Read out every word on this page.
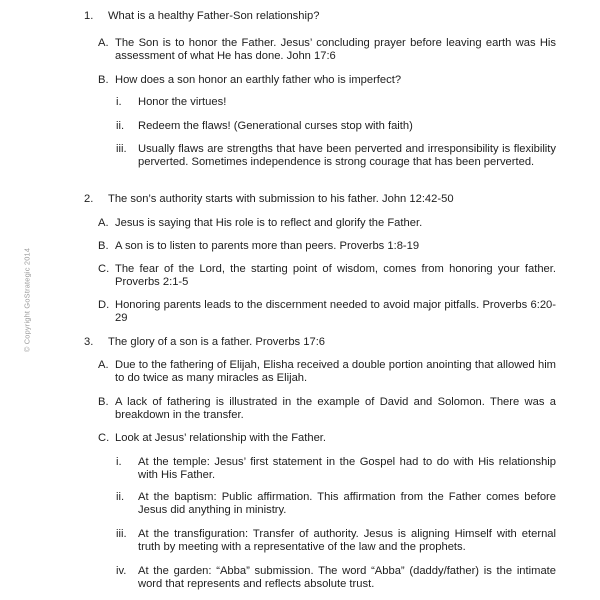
© Copyright GoStrategic 2014
1.	What is a healthy Father-Son relationship?
A. The Son is to honor the Father. Jesus’ concluding prayer before leaving earth was His assessment of what He has done. John 17:6
B. How does a son honor an earthly father who is imperfect?
i.	Honor the virtues!
ii.	Redeem the flaws! (Generational curses stop with faith)
iii.	Usually flaws are strengths that have been perverted and irresponsibility is flexibility perverted. Sometimes independence is strong courage that has been perverted.
2.	The son’s authority starts with submission to his father. John 12:42-50
A. Jesus is saying that His role is to reflect and glorify the Father.
B. A son is to listen to parents more than peers. Proverbs 1:8-19
C. The fear of the Lord, the starting point of wisdom, comes from honoring your father. Proverbs 2:1-5
D. Honoring parents leads to the discernment needed to avoid major pitfalls. Proverbs 6:20-29
3.	The glory of a son is a father. Proverbs 17:6
A. Due to the fathering of Elijah, Elisha received a double portion anointing that allowed him to do twice as many miracles as Elijah.
B. A lack of fathering is illustrated in the example of David and Solomon. There was a breakdown in the transfer.
C. Look at Jesus’ relationship with the Father.
i.	At the temple: Jesus’ first statement in the Gospel had to do with His relationship with His Father.
ii.	At the baptism: Public affirmation. This affirmation from the Father comes before Jesus did anything in ministry.
iii.	At the transfiguration: Transfer of authority. Jesus is aligning Himself with eternal truth by meeting with a representative of the law and the prophets.
iv.	At the garden: “Abba” submission. The word “Abba” (daddy/father) is the intimate word that represents and reflects absolute trust.
